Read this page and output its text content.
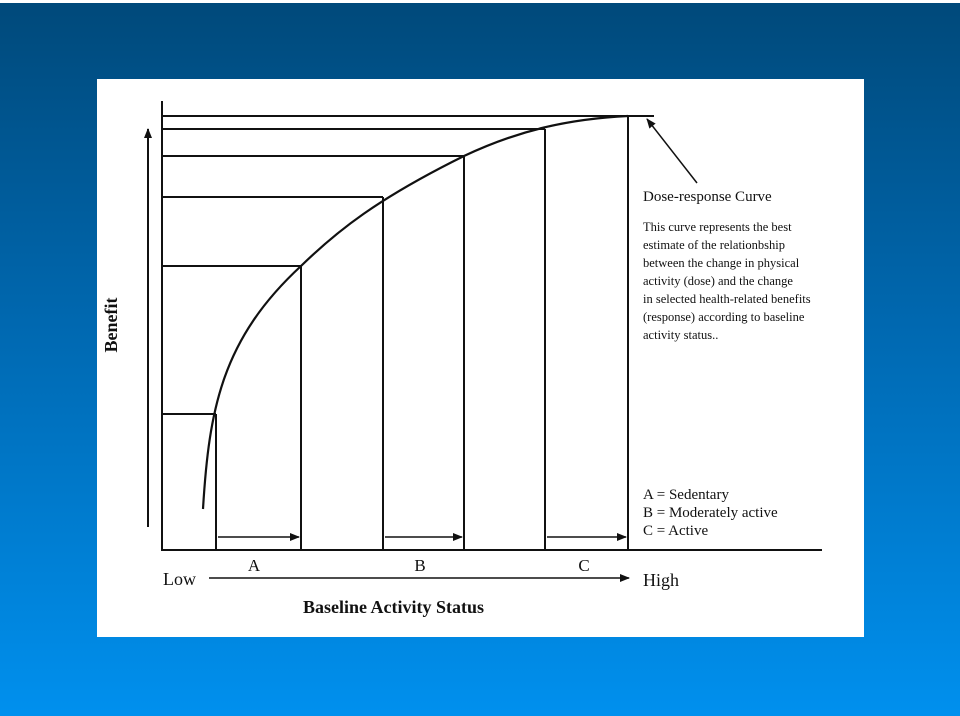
A	B	C
Low	High
Baseline Activity Status
Benefit
Dose-response Curve
This curve represents the best
estimate of the relationbship
between the change in physical
activity (dose) and the change
in selected health-related benefits
(response) according to baseline
activity status..
A = Sedentary
B = Moderately active
C = Active
